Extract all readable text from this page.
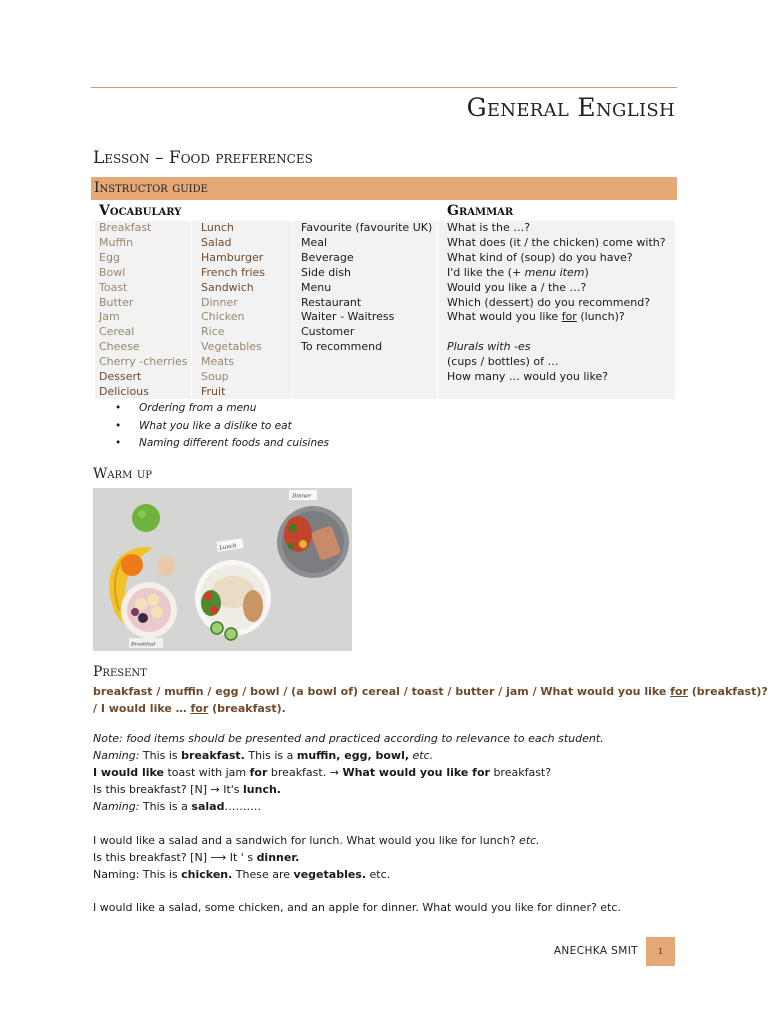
General English
Lesson – Food preferences
Instructor guide
Vocabulary	Grammar
Breakfast
Muffin
Egg
Bowl
Toast
Butter
Jam
Cereal
Cheese
Cherry -cherries
Dessert
Delicious
Lunch
Salad
Hamburger
French fries
Sandwich
Dinner
Chicken
Rice
Vegetables
Meats
Soup
Fruit
Favourite (favourite UK)
Meal
Beverage
Side dish
Menu
Restaurant
Waiter - Waitress
Customer
To recommend
What is the …?
What does (it / the chicken) come with?
What kind of (soup) do you have?
I'd like the (+ menu item)
Would you like a / the …?
Which (dessert) do you recommend?
What would you like for (lunch)?

Plurals with -es
(cups / bottles) of …
How many … would you like?
• Ordering from a menu
• What you like a dislike to eat
• Naming different foods and cuisines
Warm up
Lunch
Dinner
Breakfast
Present
breakfast / muffin / egg / bowl / (a bowl of) cereal / toast / butter / jam / What would you like for (breakfast)?
/ I would like … for (breakfast).
Note: food items should be presented and practiced according to relevance to each student.
Naming: This is breakfast. This is a muffin, egg, bowl, etc.
I would like toast with jam for breakfast. → What would you like for breakfast?
Is this breakfast? [N] → It's lunch.
Naming: This is a salad……….
I would like a salad and a sandwich for lunch. What would you like for lunch? etc.
Is this breakfast? [N] ⟶ It ' s dinner.
Naming: This is chicken. These are vegetables. etc.
I would like a salad, some chicken, and an apple for dinner. What would you like for dinner? etc.
ANECHKA SMIT	1
